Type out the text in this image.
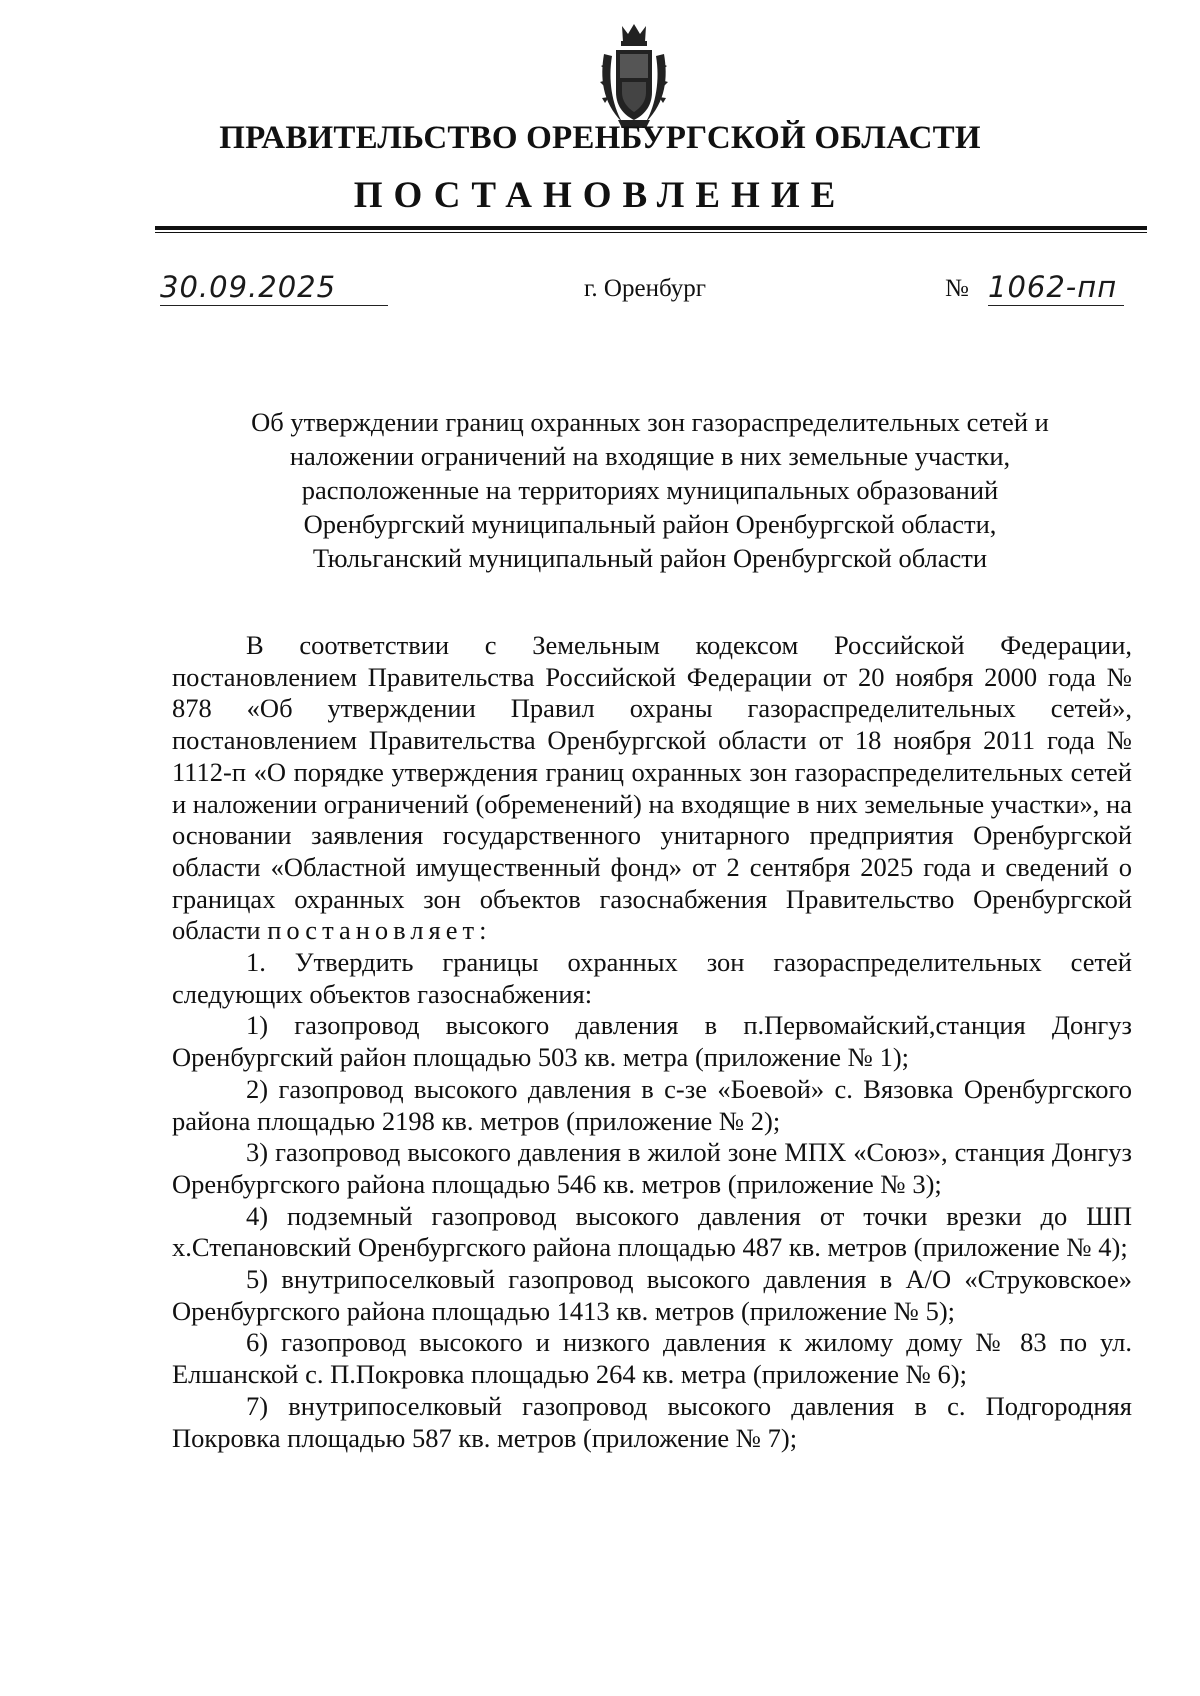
ПРАВИТЕЛЬСТВО ОРЕНБУРГСКОЙ ОБЛАСТИ
ПОСТАНОВЛЕНИЕ
30.09.2025	г. Оренбург	№ 1062-пп
Об утверждении границ охранных зон газораспределительных сетей и
наложении ограничений на входящие в них земельные участки,
расположенные на территориях муниципальных образований
Оренбургский муниципальный район Оренбургской области,
Тюльганский муниципальный район Оренбургской области
В соответствии с Земельным кодексом Российской Федерации, постановлением Правительства Российской Федерации от 20 ноября 2000 года № 878 «Об утверждении Правил охраны газораспределительных сетей», постановлением Правительства Оренбургской области от 18 ноября 2011 года № 1112-п «О порядке утверждения границ охранных зон газораспределительных сетей и наложении ограничений (обременений) на входящие в них земельные участки», на основании заявления государственного унитарного предприятия Оренбургской области «Областной имущественный фонд» от 2 сентября 2025 года и сведений о границах охранных зон объектов газоснабжения Правительство Оренбургской области постановляет:
1. Утвердить границы охранных зон газораспределительных сетей следующих объектов газоснабжения:
1) газопровод высокого давления в п.Первомайский,станция Донгуз Оренбургский район площадью 503 кв. метра (приложение № 1);
2) газопровод высокого давления в с-зе «Боевой» с. Вязовка Оренбургского района площадью 2198 кв. метров (приложение № 2);
3) газопровод высокого давления в жилой зоне МПХ «Союз», станция Донгуз Оренбургского района площадью 546 кв. метров (приложение № 3);
4) подземный газопровод высокого давления от точки врезки до ШП х.Степановский Оренбургского района площадью 487 кв. метров (приложение № 4);
5) внутрипоселковый газопровод высокого давления в А/О «Струковское» Оренбургского района площадью 1413 кв. метров (приложение № 5);
6) газопровод высокого и низкого давления к жилому дому № 83 по ул. Елшанской с. П.Покровка площадью 264 кв. метра (приложение № 6);
7) внутрипоселковый газопровод высокого давления в с. Подгородняя Покровка площадью 587 кв. метров (приложение № 7);
